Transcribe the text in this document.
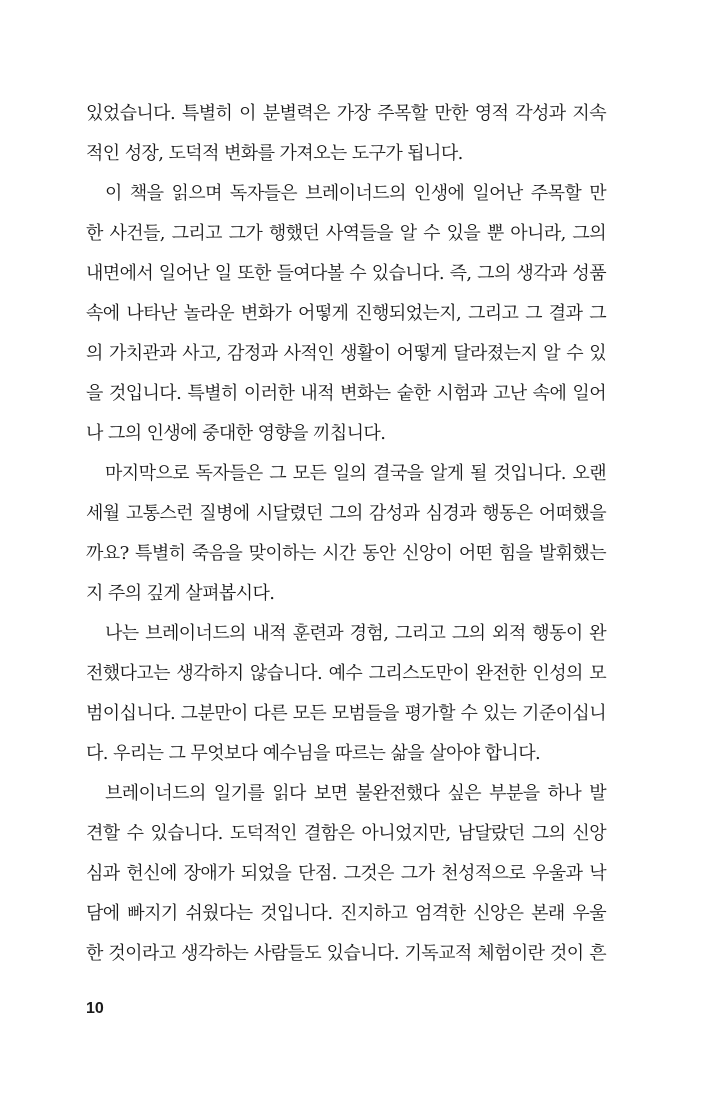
있었습니다. 특별히 이 분별력은 가장 주목할 만한 영적 각성과 지속
적인 성장, 도덕적 변화를 가져오는 도구가 됩니다.
이 책을 읽으며 독자들은 브레이너드의 인생에 일어난 주목할 만
한 사건들, 그리고 그가 행했던 사역들을 알 수 있을 뿐 아니라, 그의
내면에서 일어난 일 또한 들여다볼 수 있습니다. 즉, 그의 생각과 성품
속에 나타난 놀라운 변화가 어떻게 진행되었는지, 그리고 그 결과 그
의 가치관과 사고, 감정과 사적인 생활이 어떻게 달라졌는지 알 수 있
을 것입니다. 특별히 이러한 내적 변화는 숱한 시험과 고난 속에 일어
나 그의 인생에 중대한 영향을 끼칩니다.
마지막으로 독자들은 그 모든 일의 결국을 알게 될 것입니다. 오랜
세월 고통스런 질병에 시달렸던 그의 감성과 심경과 행동은 어떠했을
까요? 특별히 죽음을 맞이하는 시간 동안 신앙이 어떤 힘을 발휘했는
지 주의 깊게 살펴봅시다.
나는 브레이너드의 내적 훈련과 경험, 그리고 그의 외적 행동이 완
전했다고는 생각하지 않습니다. 예수 그리스도만이 완전한 인성의 모
범이십니다. 그분만이 다른 모든 모범들을 평가할 수 있는 기준이십니
다. 우리는 그 무엇보다 예수님을 따르는 삶을 살아야 합니다.
브레이너드의 일기를 읽다 보면 불완전했다 싶은 부분을 하나 발
견할 수 있습니다. 도덕적인 결함은 아니었지만, 남달랐던 그의 신앙
심과 헌신에 장애가 되었을 단점. 그것은 그가 천성적으로 우울과 낙
담에 빠지기 쉬웠다는 것입니다. 진지하고 엄격한 신앙은 본래 우울
한 것이라고 생각하는 사람들도 있습니다. 기독교적 체험이란 것이 흔
10
